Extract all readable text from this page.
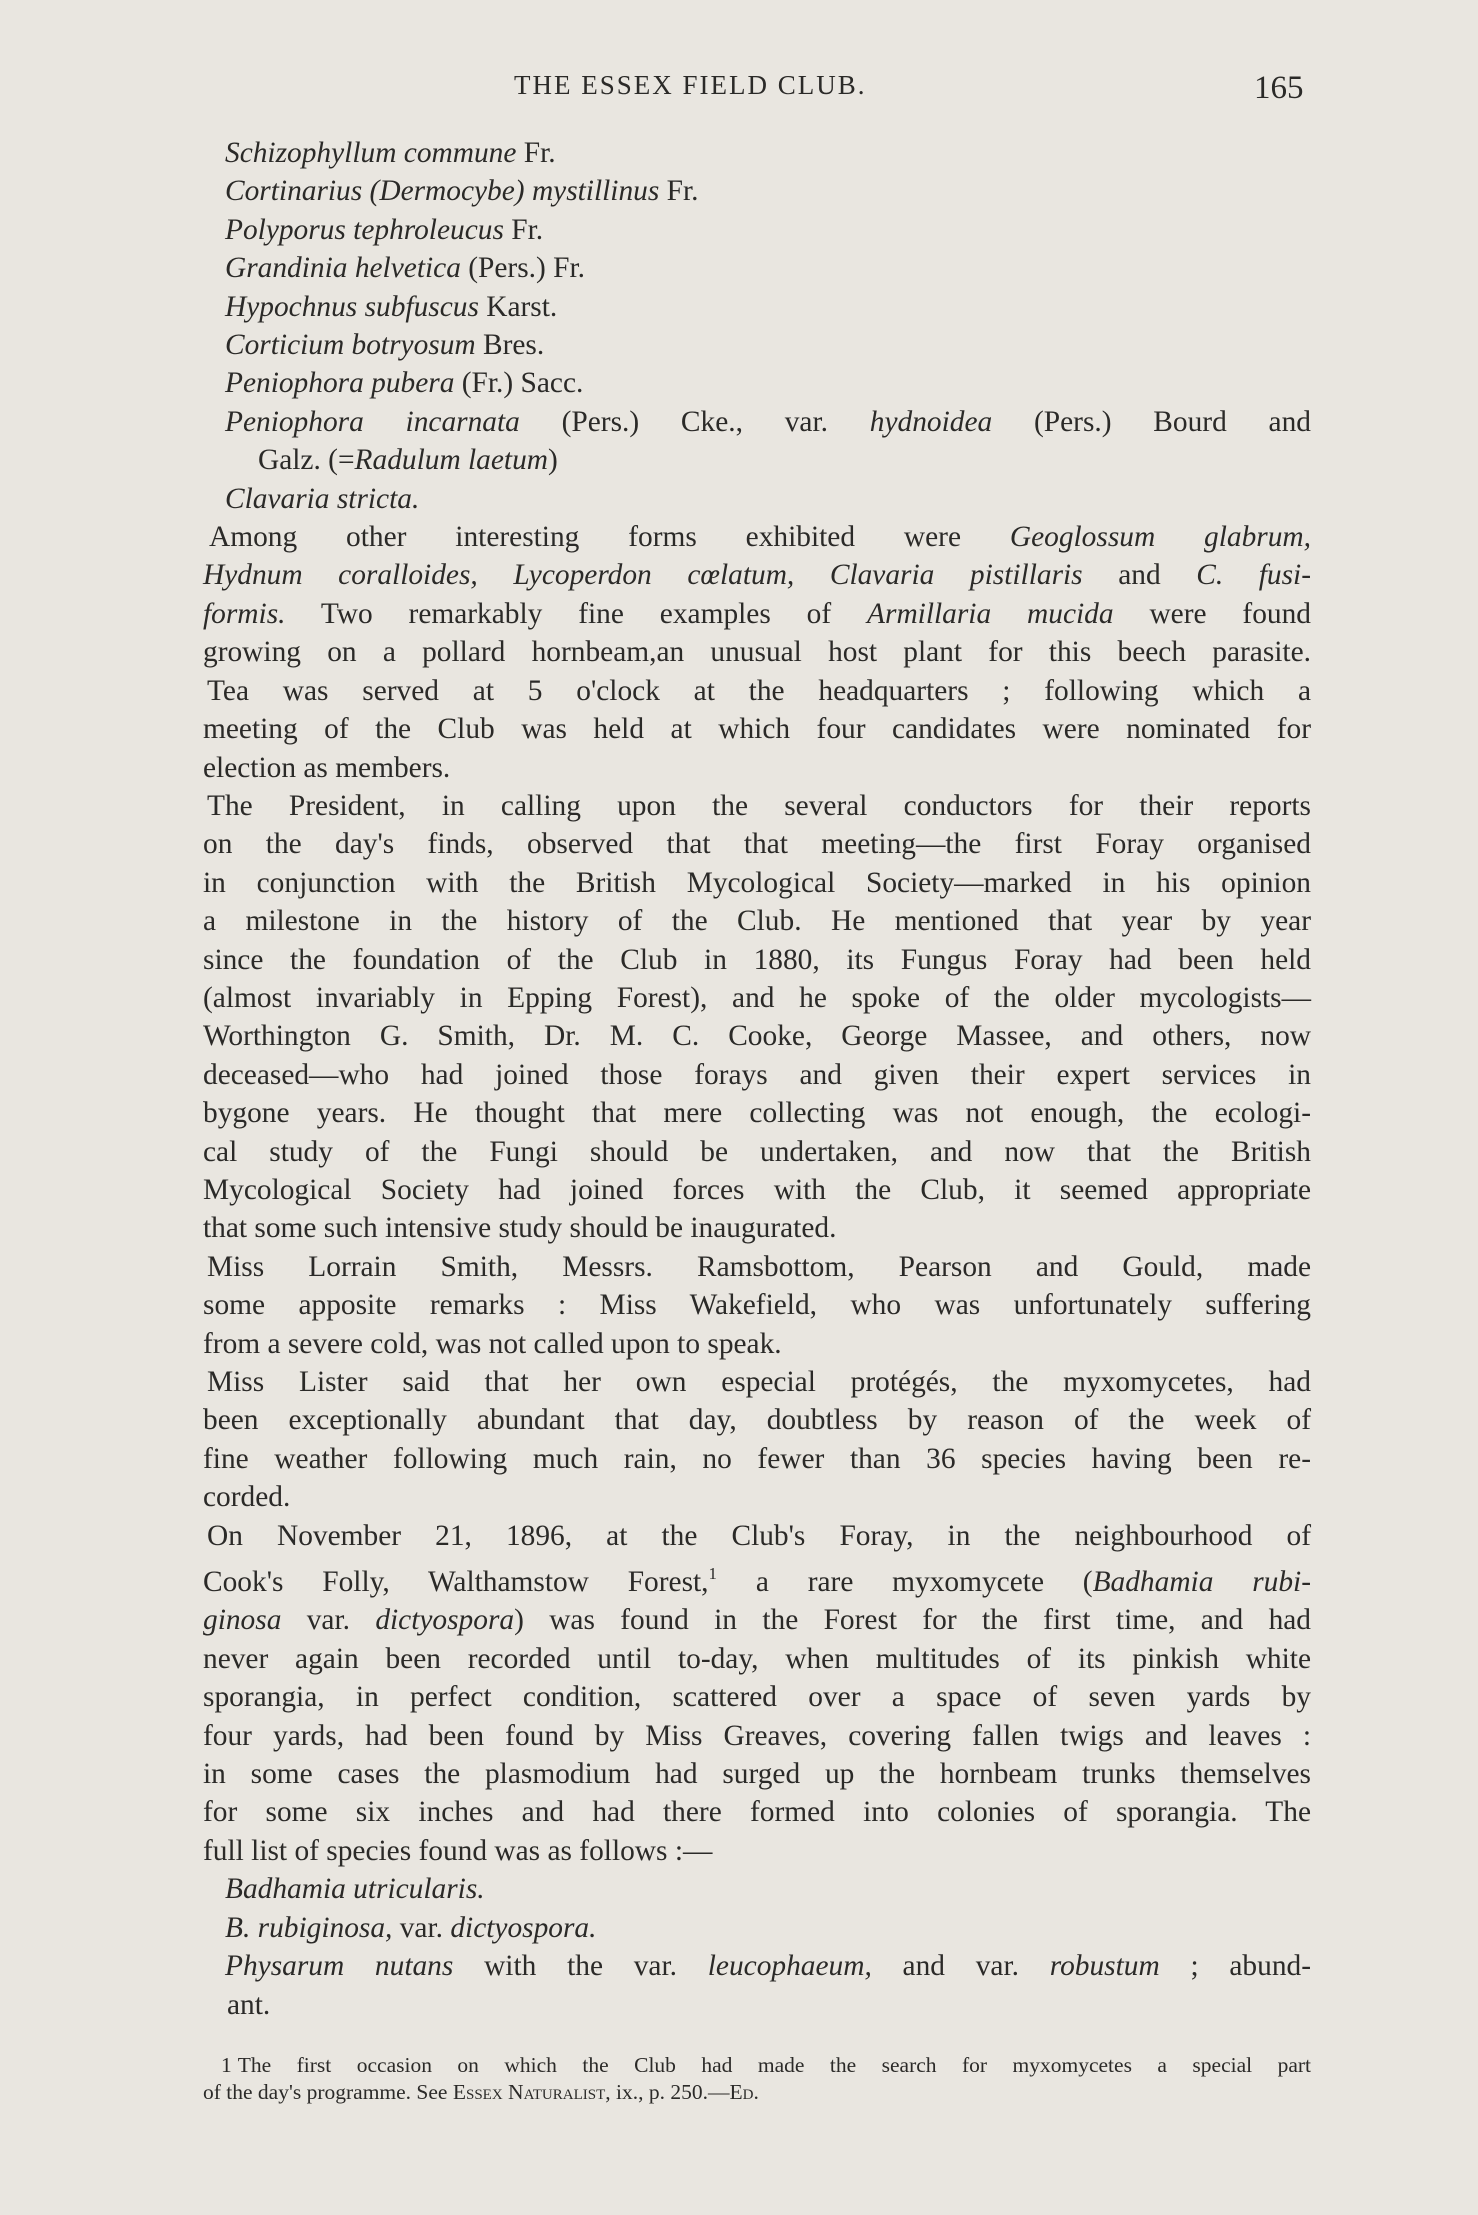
THE ESSEX FIELD CLUB.	165
Schizophyllum commune Fr.
Cortinarius (Dermocybe) mystillinus Fr.
Polyporus tephroleucus Fr.
Grandinia helvetica (Pers.) Fr.
Hypochnus subfuscus Karst.
Corticium botryosum Bres.
Peniophora pubera (Fr.) Sacc.
Peniophora incarnata (Pers.) Cke., var. hydnoidea (Pers.) Bourd and
Galz. (=Radulum laetum)
Clavaria stricta.
Among other interesting forms exhibited were Geoglossum glabrum,
Hydnum coralloides, Lycoperdon cœlatum, Clavaria pistillaris and C. fusi-
formis. Two remarkably fine examples of Armillaria mucida were found
growing on a pollard hornbeam,an unusual host plant for this beech parasite.
Tea was served at 5 o'clock at the headquarters ; following which a
meeting of the Club was held at which four candidates were nominated for
election as members.
The President, in calling upon the several conductors for their reports
on the day's finds, observed that that meeting—the first Foray organised
in conjunction with the British Mycological Society—marked in his opinion
a milestone in the history of the Club. He mentioned that year by year
since the foundation of the Club in 1880, its Fungus Foray had been held
(almost invariably in Epping Forest), and he spoke of the older mycologists—
Worthington G. Smith, Dr. M. C. Cooke, George Massee, and others, now
deceased—who had joined those forays and given their expert services in
bygone years. He thought that mere collecting was not enough, the ecologi-
cal study of the Fungi should be undertaken, and now that the British
Mycological Society had joined forces with the Club, it seemed appropriate
that some such intensive study should be inaugurated.
Miss Lorrain Smith, Messrs. Ramsbottom, Pearson and Gould, made
some apposite remarks : Miss Wakefield, who was unfortunately suffering
from a severe cold, was not called upon to speak.
Miss Lister said that her own especial protégés, the myxomycetes, had
been exceptionally abundant that day, doubtless by reason of the week of
fine weather following much rain, no fewer than 36 species having been re-
corded.
On November 21, 1896, at the Club's Foray, in the neighbourhood of
Cook's Folly, Walthamstow Forest,$^1$ a rare myxomycete (Badhamia rubi-
ginosa var. dictyospora) was found in the Forest for the first time, and had
never again been recorded until to-day, when multitudes of its pinkish white
sporangia, in perfect condition, scattered over a space of seven yards by
four yards, had been found by Miss Greaves, covering fallen twigs and leaves :
in some cases the plasmodium had surged up the hornbeam trunks themselves
for some six inches and had there formed into colonies of sporangia. The
full list of species found was as follows :—
Badhamia utricularis.
B. rubiginosa, var. dictyospora.
Physarum nutans with the var. leucophaeum, and var. robustum ; abund-
ant.
1 The first occasion on which the Club had made the search for myxomycetes a special part
of the day's programme. See Essex Naturalist, ix., p. 250.—Ed.
